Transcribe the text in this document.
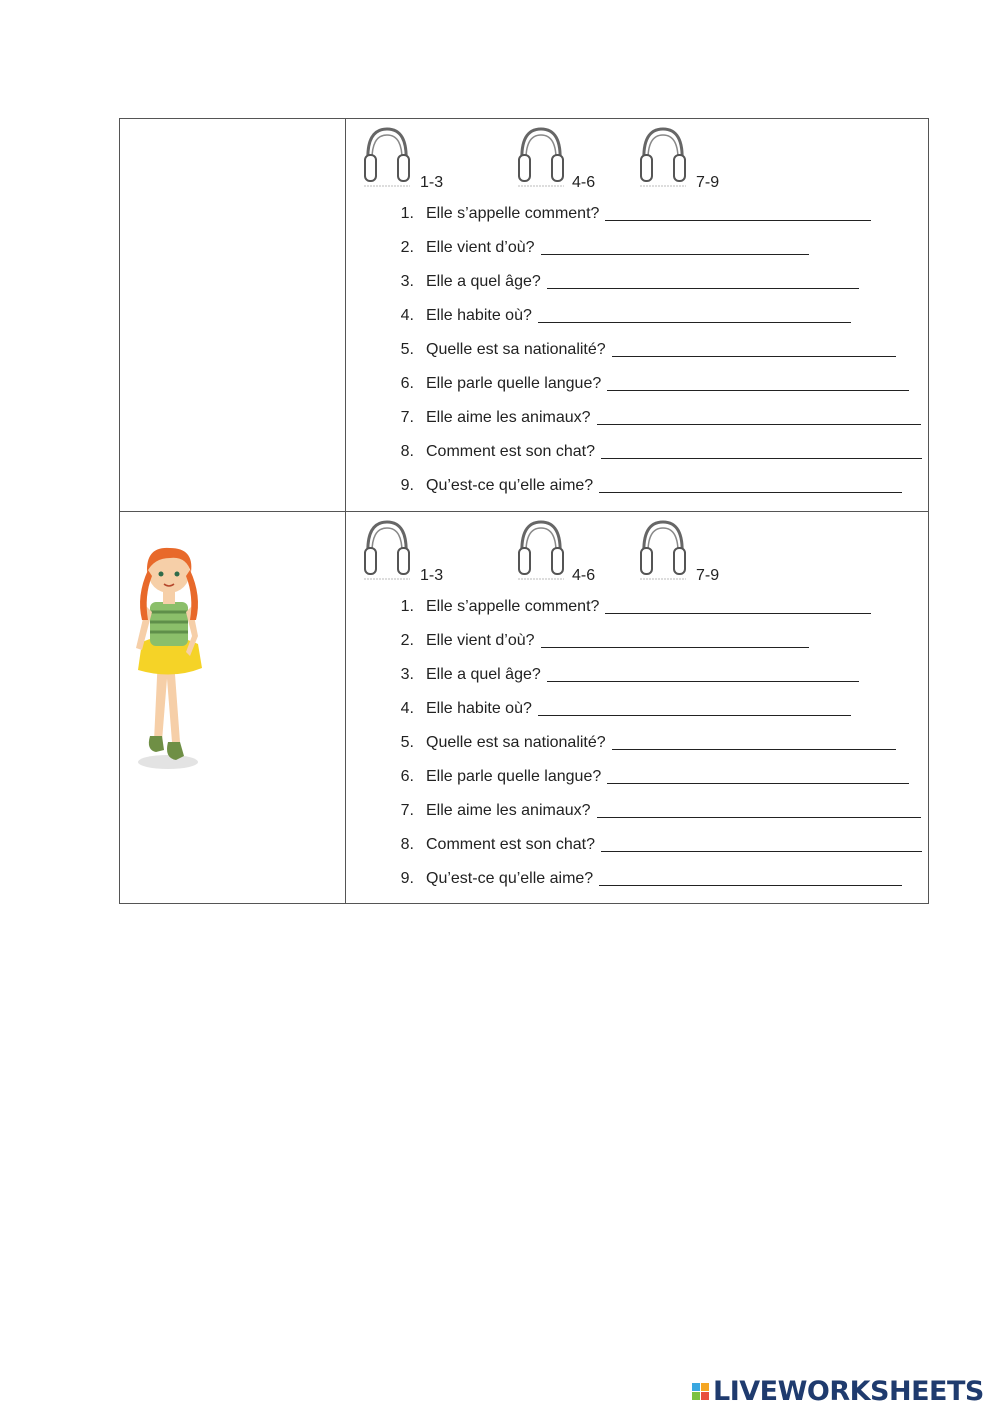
1-3	4-6	7-9
1. Elle s’appelle comment?
2. Elle vient d’où?
3. Elle a quel âge?
4. Elle habite où?
5. Quelle est sa nationalité?
6. Elle parle quelle langue?
7. Elle aime les animaux?
8. Comment est son chat?
9. Qu’est-ce qu’elle aime?
1-3	4-6	7-9
1. Elle s’appelle comment?
2. Elle vient d’où?
3. Elle a quel âge?
4. Elle habite où?
5. Quelle est sa nationalité?
6. Elle parle quelle langue?
7. Elle aime les animaux?
8. Comment est son chat?
9. Qu’est-ce qu’elle aime?
LIVEWORKSHEETS
